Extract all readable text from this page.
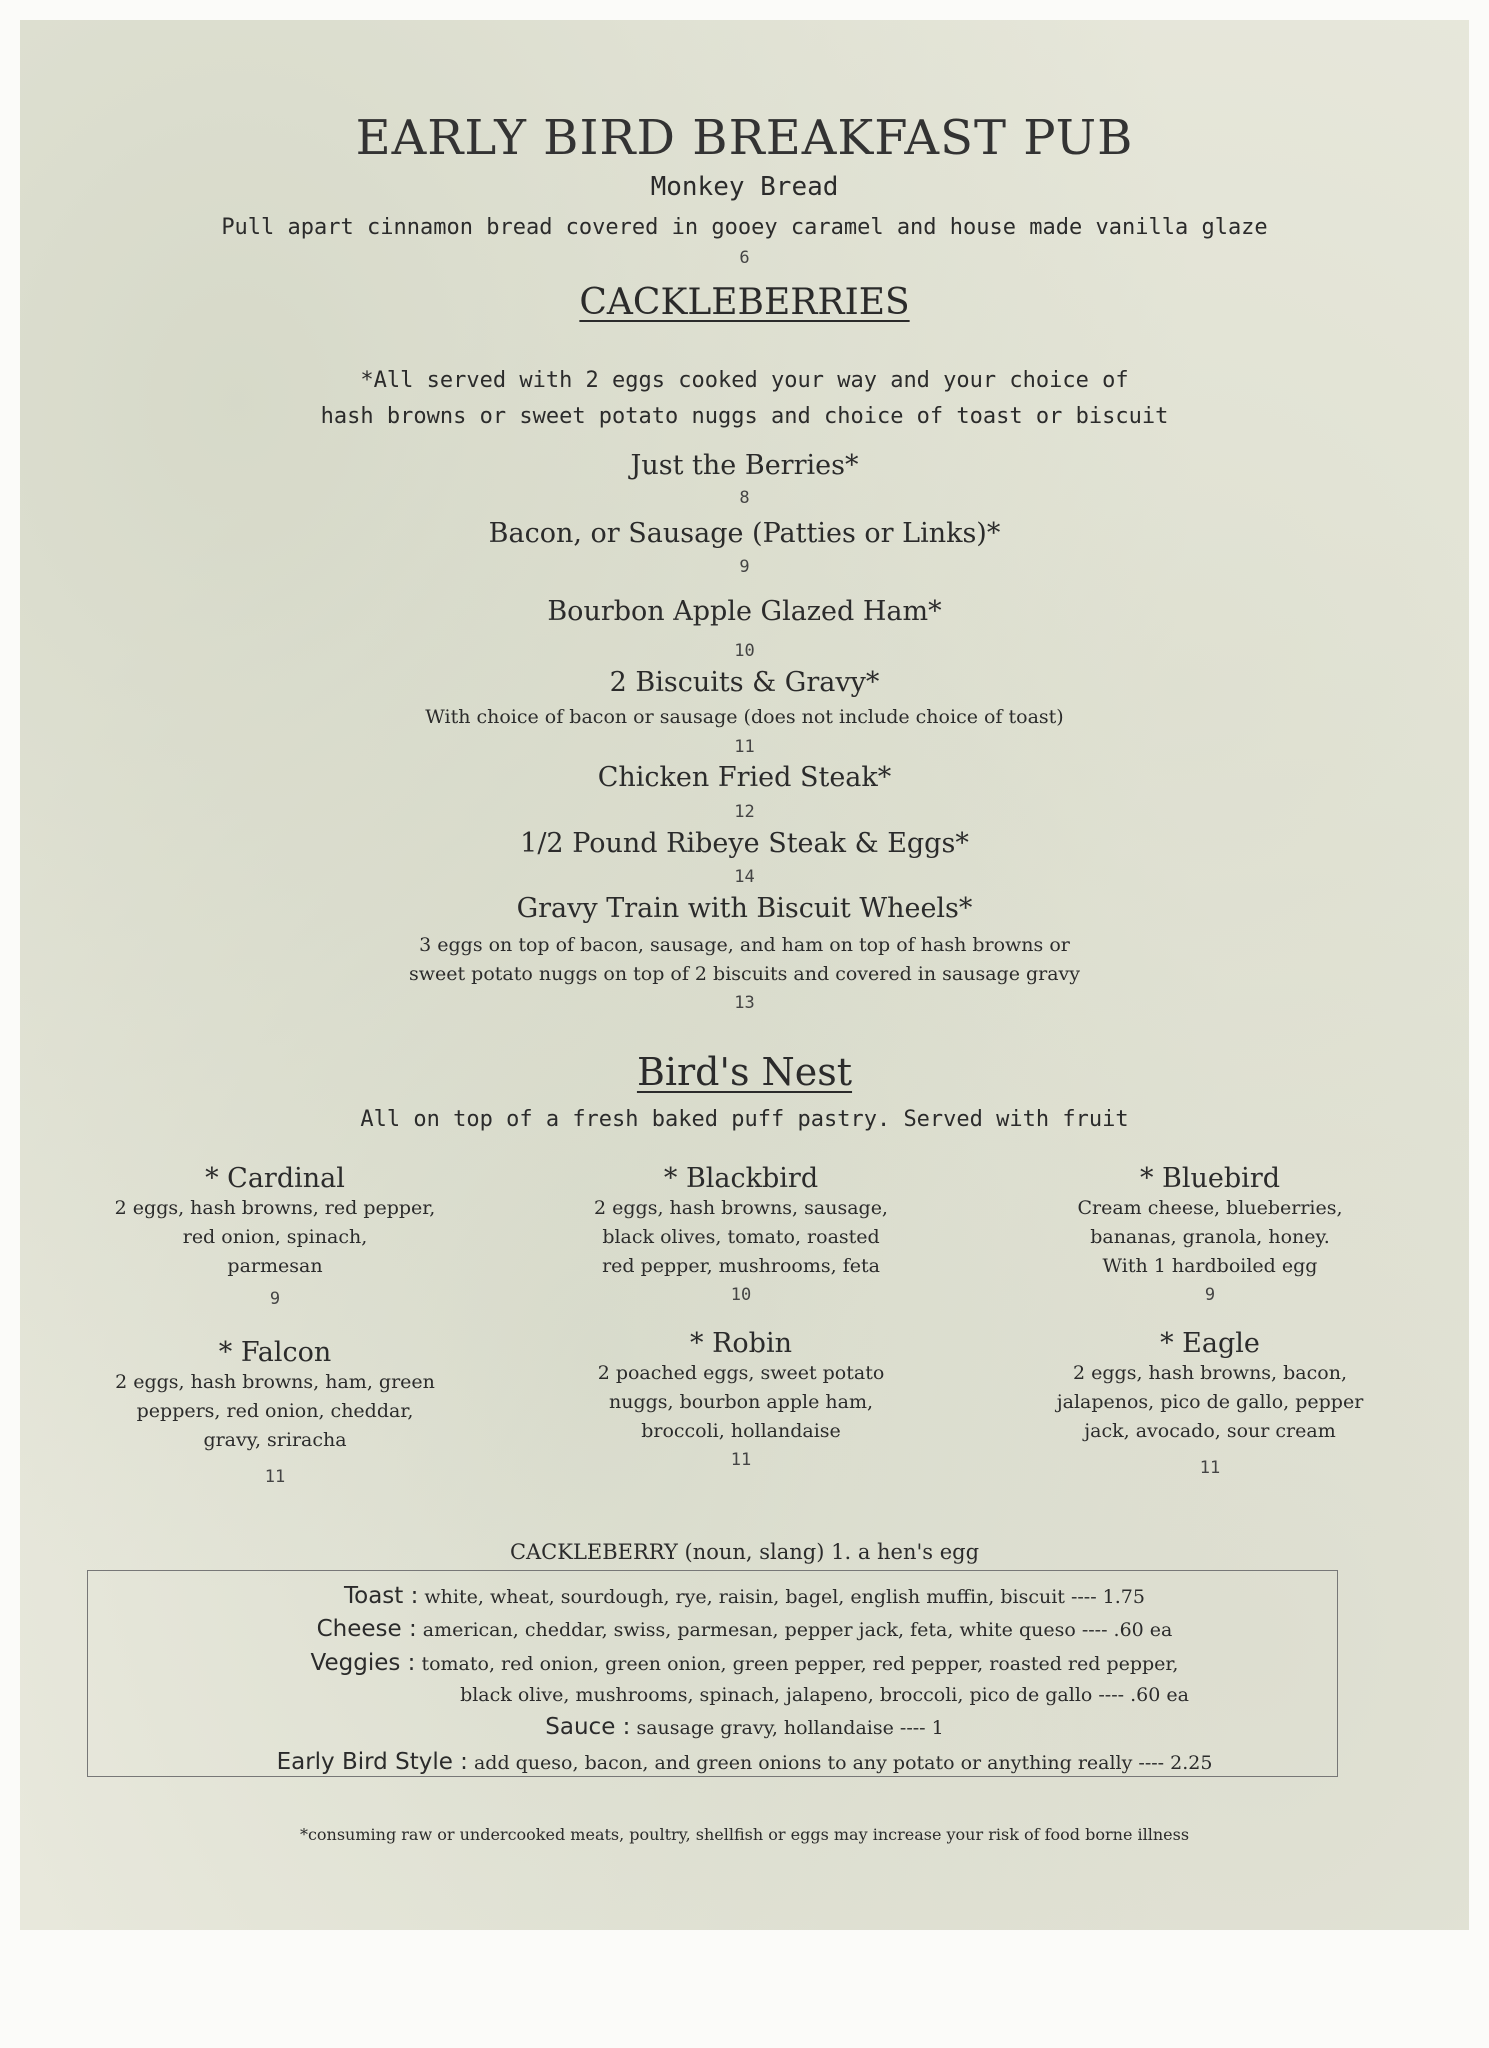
EARLY BIRD BREAKFAST PUB
Monkey Bread
Pull apart cinnamon bread covered in gooey caramel and house made vanilla glaze
6
CACKLEBERRIES
*All served with 2 eggs cooked your way and your choice of
hash browns or sweet potato nuggs and choice of toast or biscuit
Just the Berries*
8
Bacon, or Sausage (Patties or Links)*
9
Bourbon Apple Glazed Ham*
10
2 Biscuits & Gravy*
With choice of bacon or sausage (does not include choice of toast)
11
Chicken Fried Steak*
12
1/2 Pound Ribeye Steak & Eggs*
14
Gravy Train with Biscuit Wheels*
3 eggs on top of bacon, sausage, and ham on top of hash browns or
sweet potato nuggs on top of 2 biscuits and covered in sausage gravy
13
Bird's Nest
All on top of a fresh baked puff pastry. Served with fruit
* Cardinal
2 eggs, hash browns, red pepper,
red onion, spinach,
parmesan
9
* Blackbird
2 eggs, hash browns, sausage,
black olives, tomato, roasted
red pepper, mushrooms, feta
10
* Bluebird
Cream cheese, blueberries,
bananas, granola, honey.
With 1 hardboiled egg
9
* Falcon
2 eggs, hash browns, ham, green
peppers, red onion, cheddar,
gravy, sriracha
11
* Robin
2 poached eggs, sweet potato
nuggs, bourbon apple ham,
broccoli, hollandaise
11
* Eagle
2 eggs, hash browns, bacon,
jalapenos, pico de gallo, pepper
jack, avocado, sour cream
11
CACKLEBERRY (noun, slang) 1. a hen's egg
Toast : white, wheat, sourdough, rye, raisin, bagel, english muffin, biscuit ---- 1.75
Cheese : american, cheddar, swiss, parmesan, pepper jack, feta, white queso ---- .60 ea
Veggies : tomato, red onion, green onion, green pepper, red pepper, roasted red pepper,
black olive, mushrooms, spinach, jalapeno, broccoli, pico de gallo ---- .60 ea
Sauce : sausage gravy, hollandaise ---- 1
Early Bird Style : add queso, bacon, and green onions to any potato or anything really ---- 2.25
*consuming raw or undercooked meats, poultry, shellfish or eggs may increase your risk of food borne illness
